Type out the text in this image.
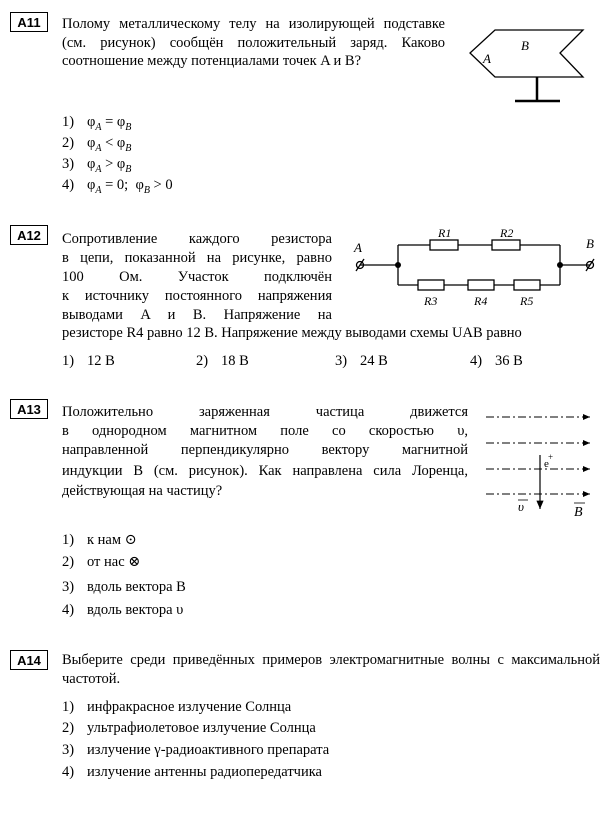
А11	Полому металлическому телу на изолирующей подставке (см. рисунок) сообщён положительный заряд. Каково соотношение между потенциалами точек A и B?	A
B
1) $\varphi_A = \varphi_B$
2) $\varphi_A < \varphi_B$
3) $\varphi_A > \varphi_B$
4) $\varphi_A = 0$;  $\varphi_B > 0$
А12	Сопротивление каждого резистора
в цепи, показанной на рисунке, равно
100 Ом. Участок подключён
к источнику постоянного напряжения
выводами A и B. Напряжение на
резисторе R4 равно 12 В. Напряжение между выводами схемы UAB равно
A	B
R1	R2
R3	R4	R5
1) 12 В	2) 18 В	3) 24 В	4) 36 В
А13	Положительно заряженная частица движется
в однородном магнитном поле со скоростью υ,
направленной перпендикулярно вектору магнитной
индукции B (см. рисунок). Как направлена сила Лоренца,
действующая на частицу?
e
+
υ	B
1) к нам ⊙
2) от нас ⊗
3) вдоль вектора B
4) вдоль вектора υ
А14	Выберите среди приведённых примеров электромагнитные волны с максимальной частотой.
1) инфракрасное излучение Солнца
2) ультрафиолетовое излучение Солнца
3) излучение γ-радиоактивного препарата
4) излучение антенны радиопередатчика
